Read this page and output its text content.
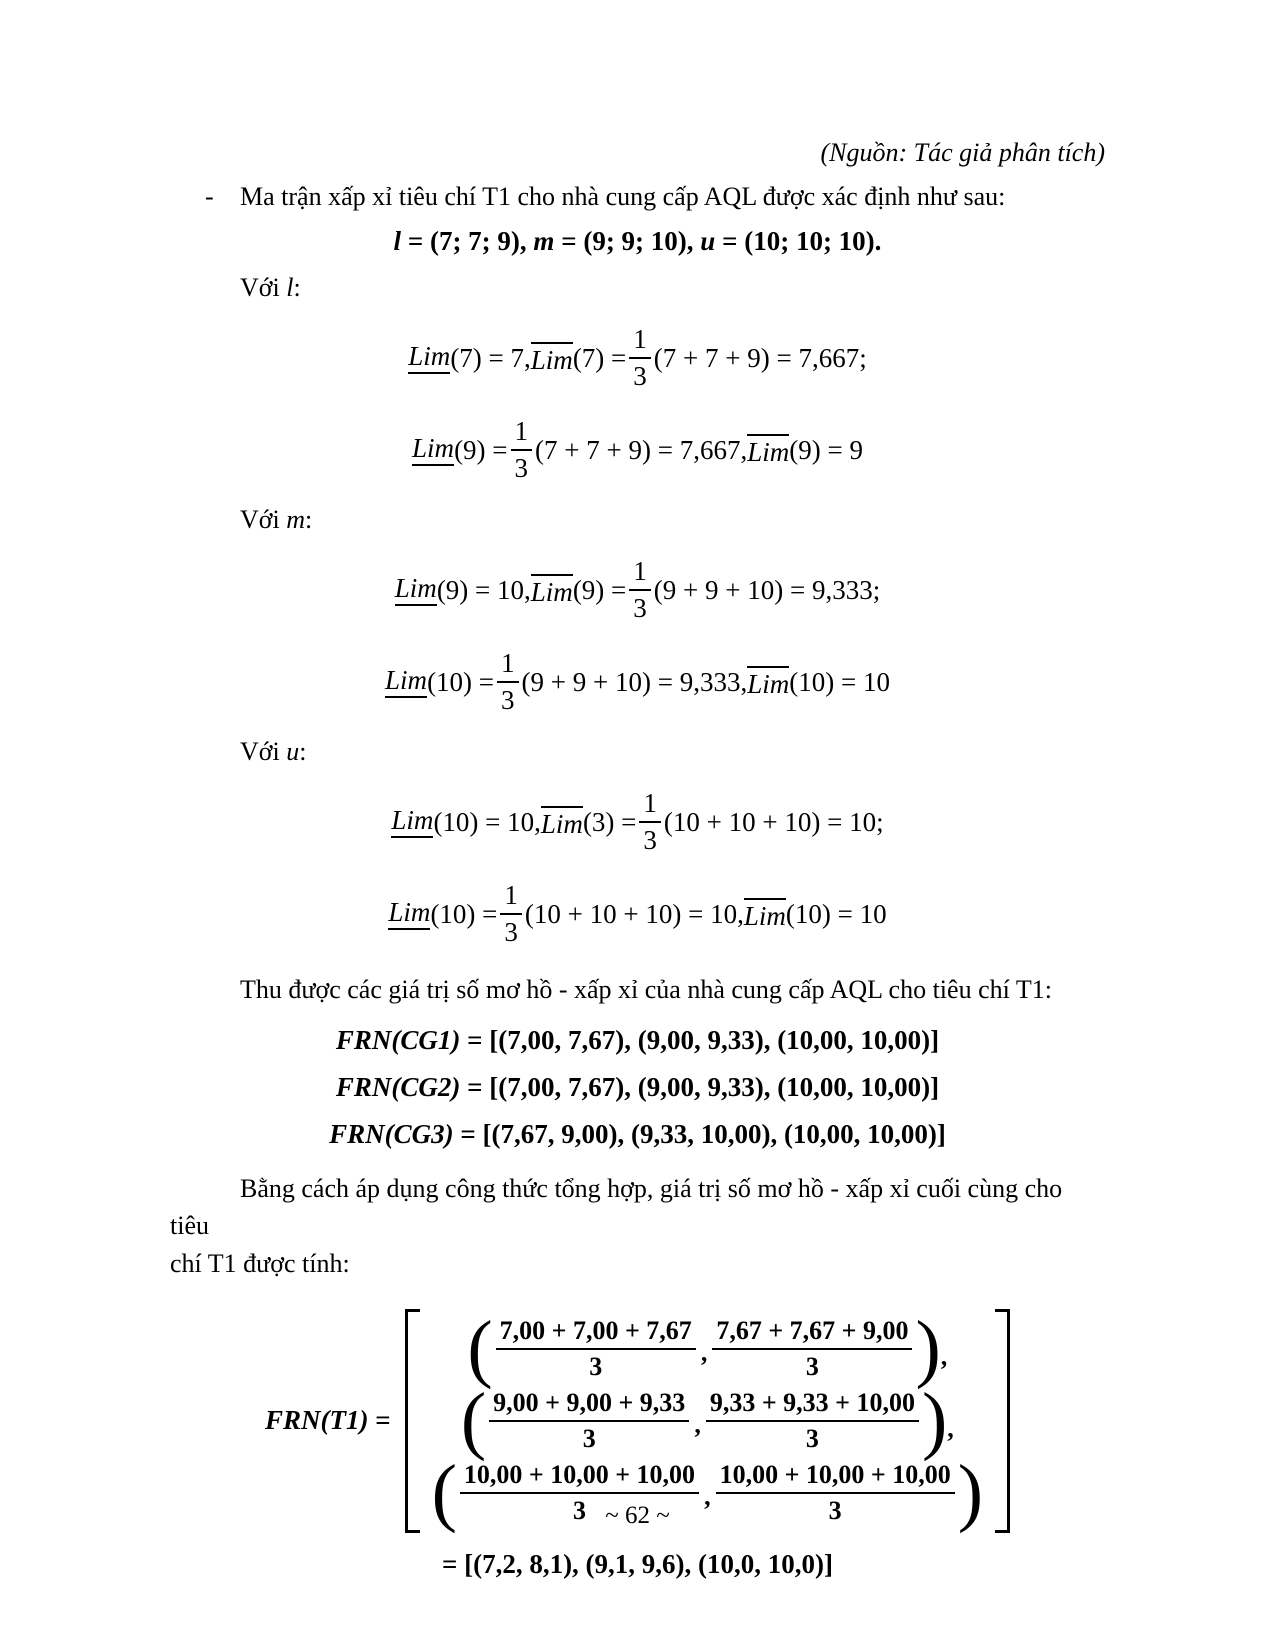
(Nguồn: Tác giả phân tích)
-	Ma trận xấp xỉ tiêu chí T1 cho nhà cung cấp AQL được xác định như sau:
l = (7; 7; 9), m = (9; 9; 10), u = (10; 10; 10).
Với l:
Lim (7) = 7, Lim $(7) = \frac{1}{3} (7 + 7 + 9) = 7,667$;
Lim $(9) = \frac{1}{3} (7 + 7 + 9) = 7,667$, Lim (9) = 9
Với m:
Lim (9) = 10, Lim $(9) = \frac{1}{3} (9 + 9 + 10) = 9,333$;
Lim $(10) = \frac{1}{3} (9 + 9 + 10) = 9,333$, Lim (10) = 10
Với u:
Lim (10) = 10, Lim $(3) = \frac{1}{3} (10 + 10 + 10) = 10$;
Lim $(10) = \frac{1}{3} (10 + 10 + 10) = 10$, Lim (10) = 10
Thu được các giá trị số mơ hồ - xấp xỉ của nhà cung cấp AQL cho tiêu chí T1:
FRN(CG1) = [(7,00, 7,67), (9,00, 9,33), (10,00, 10,00)]
FRN(CG2) = [(7,00, 7,67), (9,00, 9,33), (10,00, 10,00)]
FRN(CG3) = [(7,67, 9,00), (9,33, 10,00), (10,00, 10,00)]
Bằng cách áp dụng công thức tổng hợp, giá trị số mơ hồ - xấp xỉ cuối cùng cho tiêu
chí T1 được tính:
FRN(T1) =
( $\frac{7,00 + 7,00 + 7,67}{3}$ , $\frac{7,67 + 7,67 + 9,00}{3}$ ) ,
( $\frac{9,00 + 9,00 + 9,33}{3}$ , $\frac{9,33 + 9,33 + 10,00}{3}$ ) ,
( $\frac{10,00 + 10,00 + 10,00}{3}$ , $\frac{10,00 + 10,00 + 10,00}{3}$ )
= [(7,2, 8,1), (9,1, 9,6), (10,0, 10,0)]
~ 62 ~
